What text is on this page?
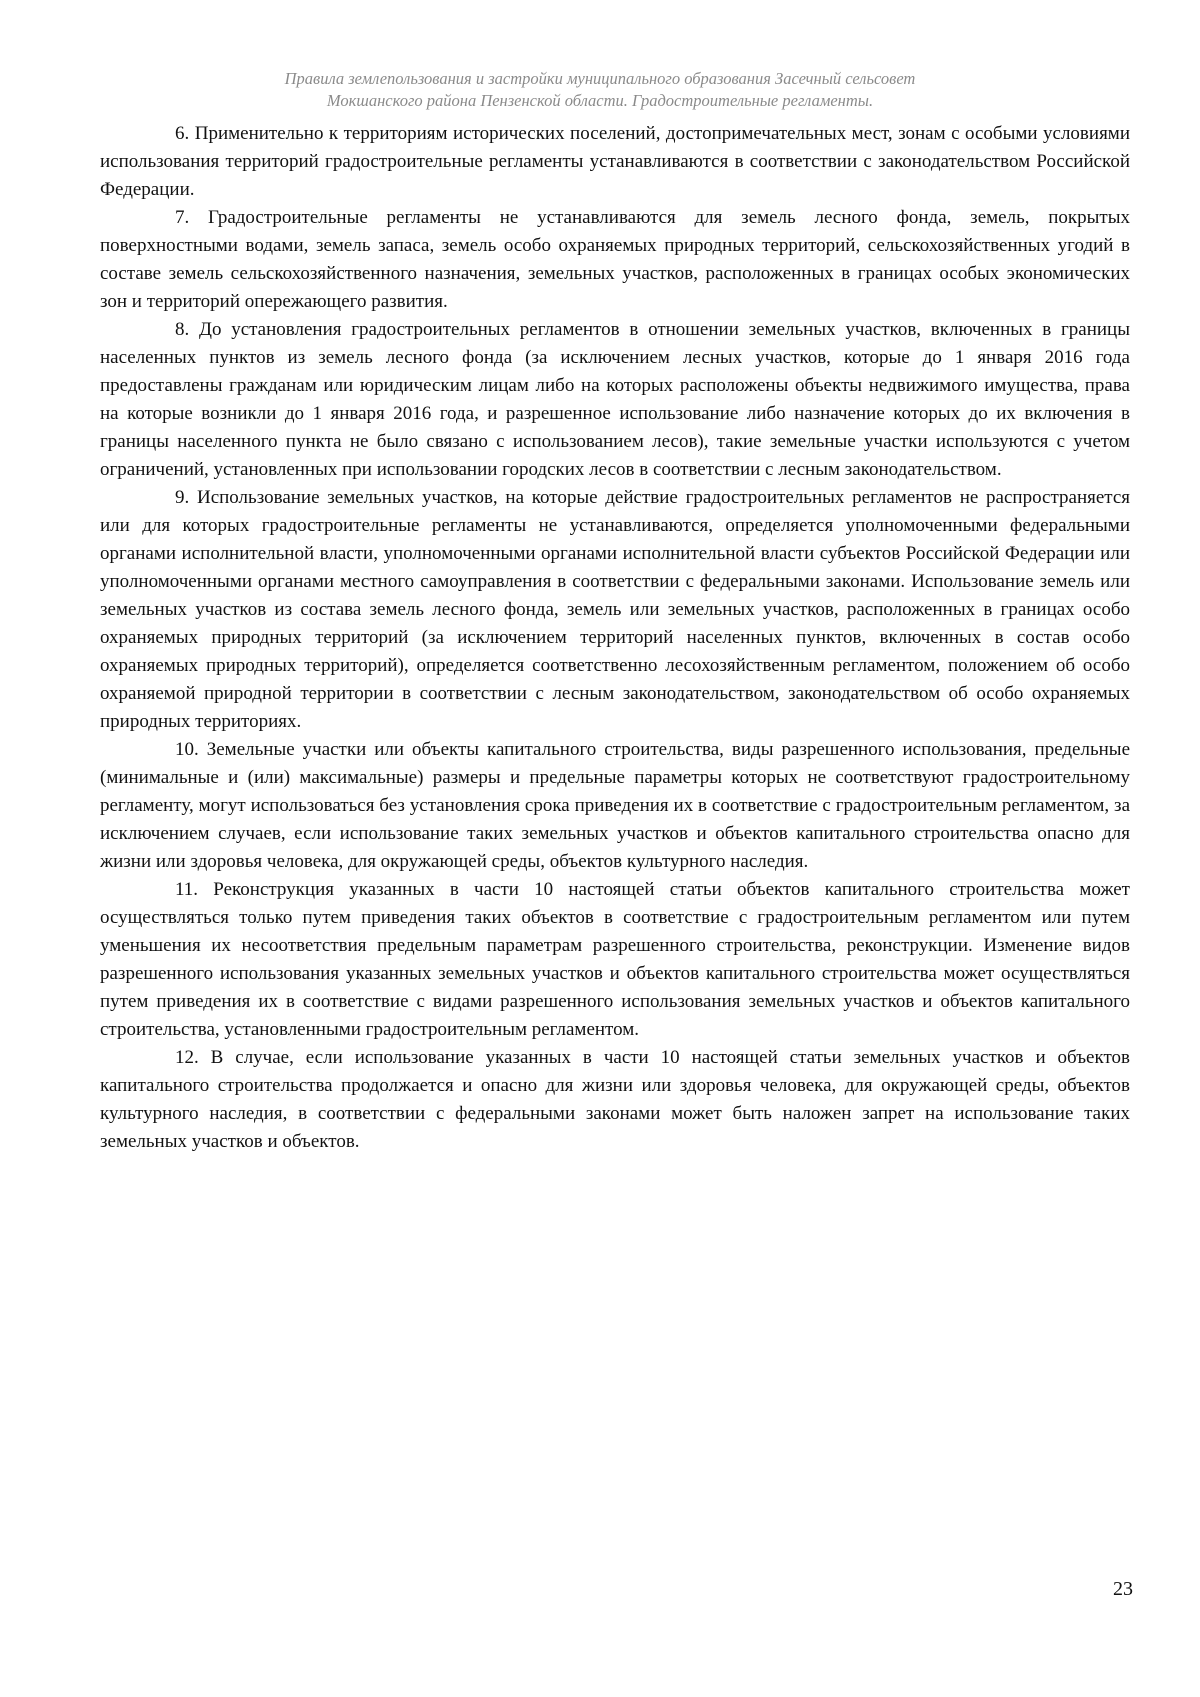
Правила землепользования и застройки муниципального образования Засечный сельсовет
Мокшанского района Пензенской области. Градостроительные регламенты.

6. Применительно к территориям исторических поселений, достопримечательных мест, зонам с особыми условиями использования территорий градостроительные регламенты устанавливаются в соответствии с законодательством Российской Федерации.

7. Градостроительные регламенты не устанавливаются для земель лесного фонда, земель, покрытых поверхностными водами, земель запаса, земель особо охраняемых природных территорий, сельскохозяйственных угодий в составе земель сельскохозяйственного назначения, земельных участков, расположенных в границах особых экономических зон и территорий опережающего развития.

8. До установления градостроительных регламентов в отношении земельных участков, включенных в границы населенных пунктов из земель лесного фонда (за исключением лесных участков, которые до 1 января 2016 года предоставлены гражданам или юридическим лицам либо на которых расположены объекты недвижимого имущества, права на которые возникли до 1 января 2016 года, и разрешенное использование либо назначение которых до их включения в границы населенного пункта не было связано с использованием лесов), такие земельные участки используются с учетом ограничений, установленных при использовании городских лесов в соответствии с лесным законодательством.

9. Использование земельных участков, на которые действие градостроительных регламентов не распространяется или для которых градостроительные регламенты не устанавливаются, определяется уполномоченными федеральными органами исполнительной власти, уполномоченными органами исполнительной власти субъектов Российской Федерации или уполномоченными органами местного самоуправления в соответствии с федеральными законами. Использование земель или земельных участков из состава земель лесного фонда, земель или земельных участков, расположенных в границах особо охраняемых природных территорий (за исключением территорий населенных пунктов, включенных в состав особо охраняемых природных территорий), определяется соответственно лесохозяйственным регламентом, положением об особо охраняемой природной территории в соответствии с лесным законодательством, законодательством об особо охраняемых природных территориях.

10. Земельные участки или объекты капитального строительства, виды разрешенного использования, предельные (минимальные и (или) максимальные) размеры и предельные параметры которых не соответствуют градостроительному регламенту, могут использоваться без установления срока приведения их в соответствие с градостроительным регламентом, за исключением случаев, если использование таких земельных участков и объектов капитального строительства опасно для жизни или здоровья человека, для окружающей среды, объектов культурного наследия.

11. Реконструкция указанных в части 10 настоящей статьи объектов капитального строительства может осуществляться только путем приведения таких объектов в соответствие с градостроительным регламентом или путем уменьшения их несоответствия предельным параметрам разрешенного строительства, реконструкции. Изменение видов разрешенного использования указанных земельных участков и объектов капитального строительства может осуществляться путем приведения их в соответствие с видами разрешенного использования земельных участков и объектов капитального строительства, установленными градостроительным регламентом.

12. В случае, если использование указанных в части 10 настоящей статьи земельных участков и объектов капитального строительства продолжается и опасно для жизни или здоровья человека, для окружающей среды, объектов культурного наследия, в соответствии с федеральными законами может быть наложен запрет на использование таких земельных участков и объектов.

23
